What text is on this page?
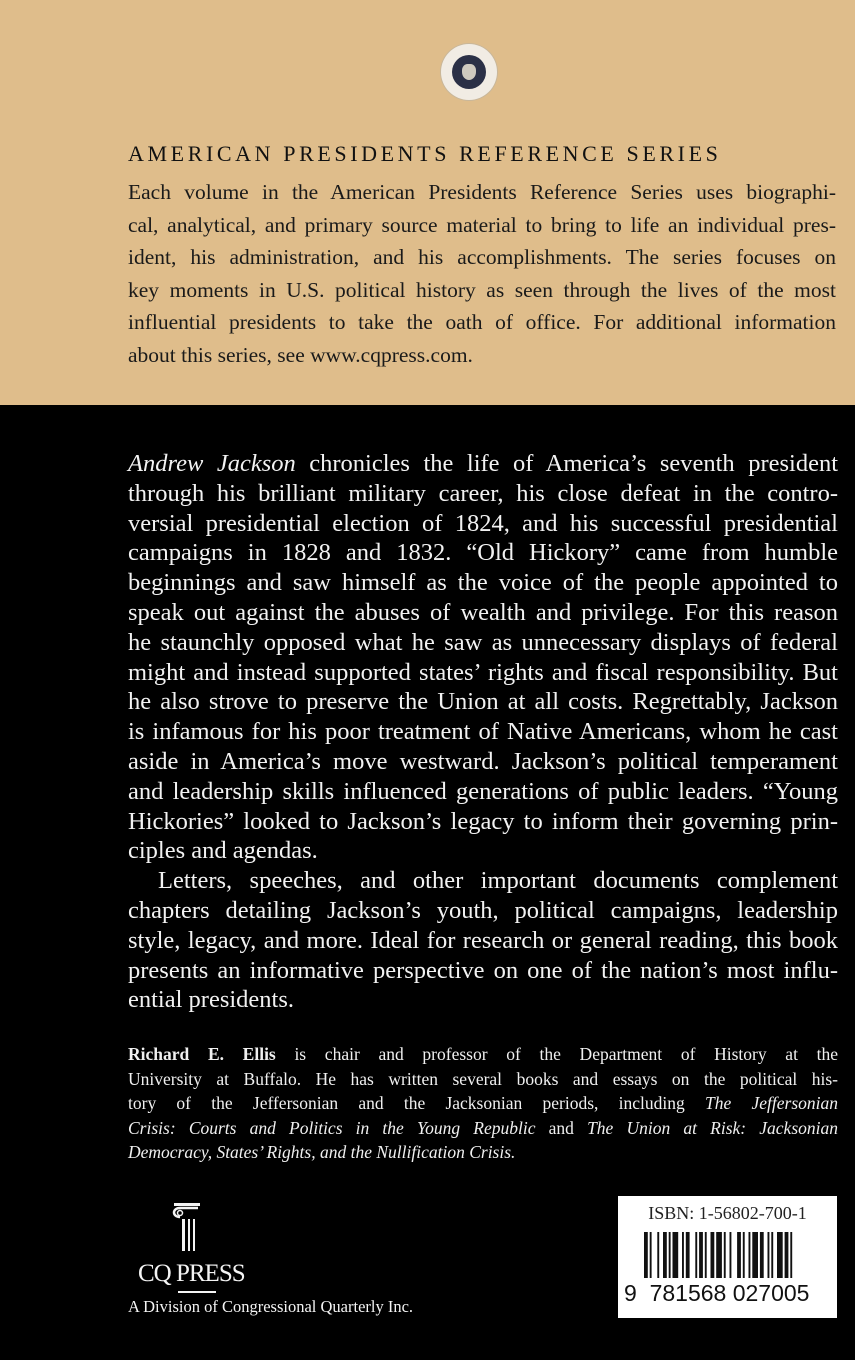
AMERICAN PRESIDENTS REFERENCE SERIES
Each volume in the American Presidents Reference Series uses biographi-
cal, analytical, and primary source material to bring to life an individual pres-
ident, his administration, and his accomplishments. The series focuses on
key moments in U.S. political history as seen through the lives of the most
influential presidents to take the oath of office. For additional information
about this series, see www.cqpress.com.
Andrew Jackson chronicles the life of America’s seventh president
through his brilliant military career, his close defeat in the contro-
versial presidential election of 1824, and his successful presidential
campaigns in 1828 and 1832. “Old Hickory” came from humble
beginnings and saw himself as the voice of the people appointed to
speak out against the abuses of wealth and privilege. For this reason
he staunchly opposed what he saw as unnecessary displays of federal
might and instead supported states’ rights and fiscal responsibility. But
he also strove to preserve the Union at all costs. Regrettably, Jackson
is infamous for his poor treatment of Native Americans, whom he cast
aside in America’s move westward. Jackson’s political temperament
and leadership skills influenced generations of public leaders. “Young
Hickories” looked to Jackson’s legacy to inform their governing prin-
ciples and agendas.
Letters, speeches, and other important documents complement
chapters detailing Jackson’s youth, political campaigns, leadership
style, legacy, and more. Ideal for research or general reading, this book
presents an informative perspective on one of the nation’s most influ-
ential presidents.
Richard E. Ellis is chair and professor of the Department of History at the
University at Buffalo. He has written several books and essays on the political his-
tory of the Jeffersonian and the Jacksonian periods, including The Jeffersonian
Crisis: Courts and Politics in the Young Republic and The Union at Risk: Jacksonian
Democracy, States’ Rights, and the Nullification Crisis.
CQ PRESS
A Division of Congressional Quarterly Inc.
ISBN: 1-56802-700-1
9 781568 027005
